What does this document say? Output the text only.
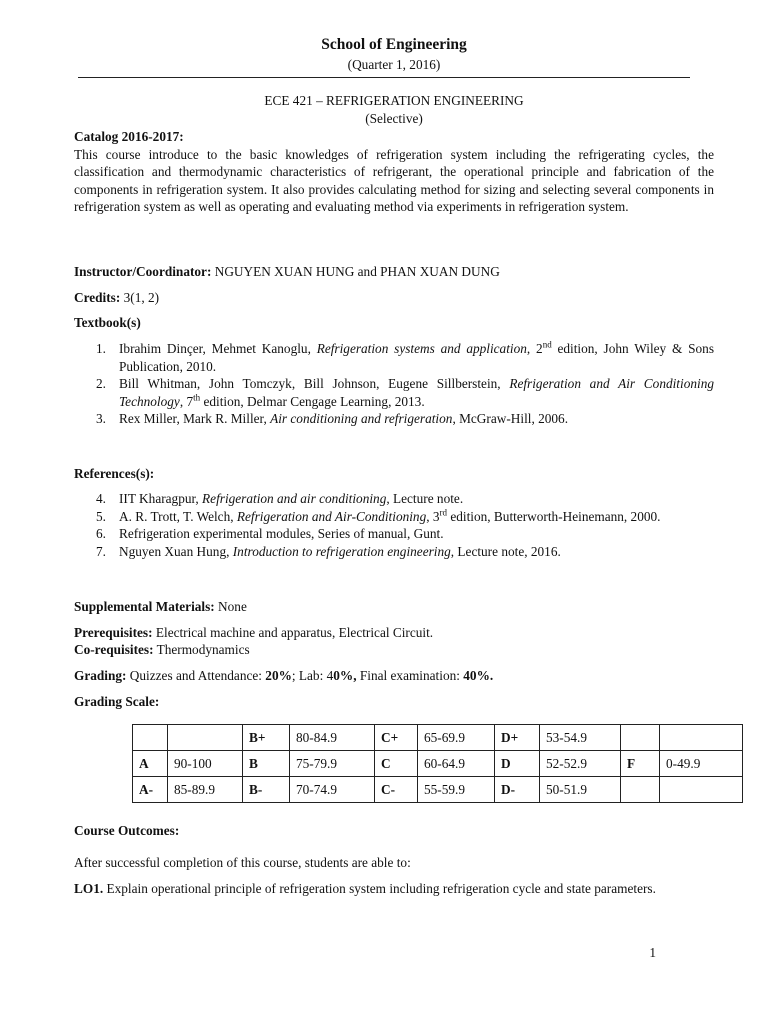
School of Engineering
(Quarter 1, 2016)
ECE 421 – REFRIGERATION ENGINEERING
(Selective)
Catalog 2016-2017:
This course introduce to the basic knowledges of refrigeration system including the refrigerating cycles, the classification and thermodynamic characteristics of refrigerant, the operational principle and fabrication of the components in refrigeration system. It also provides calculating method for sizing and selecting several components in refrigeration system as well as operating and evaluating method via experiments in refrigeration system.
Instructor/Coordinator: NGUYEN XUAN HUNG and PHAN XUAN DUNG
Credits: 3(1, 2)
Textbook(s)
1. Ibrahim Dinçer, Mehmet Kanoglu, Refrigeration systems and application, 2nd edition, John Wiley & Sons Publication, 2010.
2. Bill Whitman, John Tomczyk, Bill Johnson, Eugene Sillberstein, Refrigeration and Air Conditioning Technology, 7th edition, Delmar Cengage Learning, 2013.
3. Rex Miller, Mark R. Miller, Air conditioning and refrigeration, McGraw-Hill, 2006.
References(s):
4. IIT Kharagpur, Refrigeration and air conditioning, Lecture note.
5. A. R. Trott, T. Welch, Refrigeration and Air-Conditioning, 3rd edition, Butterworth-Heinemann, 2000.
6. Refrigeration experimental modules, Series of manual, Gunt.
7. Nguyen Xuan Hung, Introduction to refrigeration engineering, Lecture note, 2016.
Supplemental Materials: None
Prerequisites: Electrical machine and apparatus, Electrical Circuit.
Co-requisites: Thermodynamics
Grading: Quizzes and Attendance: 20%; Lab: 40%, Final examination: 40%.
Grading Scale:
		B+	80-84.9	C+	65-69.9	D+	53-54.9		
A	90-100	B	75-79.9	C	60-64.9	D	52-52.9	F	0-49.9
A-	85-89.9	B-	70-74.9	C-	55-59.9	D-	50-51.9		
Course Outcomes:
After successful completion of this course, students are able to:
LO1. Explain operational principle of refrigeration system including refrigeration cycle and state parameters.
1
